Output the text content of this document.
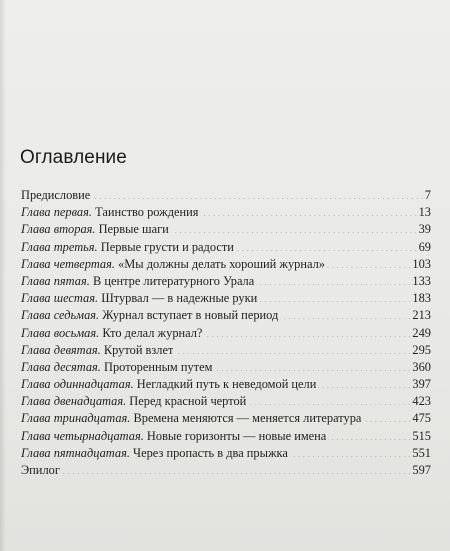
Оглавление
Предисловие . . .	7
Глава первая. Таинство рождения . . .	13
Глава вторая. Первые шаги . . .	39
Глава третья. Первые грусти и радости . . .	69
Глава четвертая. «Мы должны делать хороший журнал» . . .	103
Глава пятая. В центре литературного Урала . . .	133
Глава шестая. Штурвал — в надежные руки . . .	183
Глава седьмая. Журнал вступает в новый период . . .	213
Глава восьмая. Кто делал журнал? . . .	249
Глава девятая. Крутой взлет . . .	295
Глава десятая. Проторенным путем . . .	360
Глава одиннадцатая. Негладкий путь к неведомой цели . . .	397
Глава двенадцатая. Перед красной чертой . . .	423
Глава тринадцатая. Времена меняются — меняется литература . . .	475
Глава четырнадцатая. Новые горизонты — новые имена . . .	515
Глава пятнадцатая. Через пропасть в два прыжка . . .	551
Эпилог . . .	597
